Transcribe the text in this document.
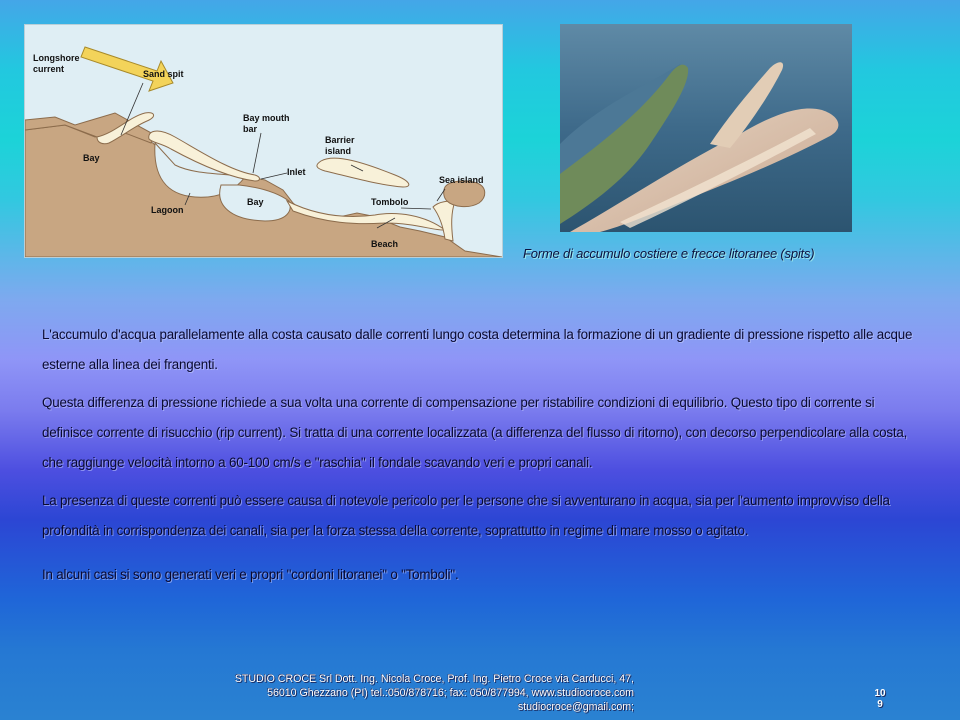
Longshore current	Sand spit
Bay
Bay mouth bar
Barrier island
Inlet
Lagoon
Bay
Sea island
Tombolo
Beach
Forme di accumulo costiere e frecce litoranee (spits)

L'accumulo d'acqua parallelamente alla costa causato dalle correnti lungo costa determina la formazione di un gradiente di pressione rispetto alle acque esterne alla linea dei frangenti.

Questa differenza di pressione richiede a sua volta una corrente di compensazione per ristabilire condizioni di equilibrio. Questo tipo di corrente si definisce corrente di risucchio (rip current). Si tratta di una corrente localizzata (a differenza del flusso di ritorno), con decorso perpendicolare alla costa, che raggiunge velocità intorno a 60-100 cm/s e "raschia" il fondale scavando veri e propri canali.

La presenza di queste correnti può essere causa di notevole pericolo per le persone che si avventurano in acqua, sia per l'aumento improvviso della profondità in corrispondenza dei canali, sia per la forza stessa della corrente, soprattutto in regime di mare mosso o agitato.

In alcuni casi si sono generati veri e propri "cordoni litoranei" o "Tomboli".

STUDIO CROCE Srl Dott. Ing. Nicola Croce, Prof. Ing. Pietro Croce via Carducci, 47,
56010 Ghezzano (PI) tel.:050/878716; fax: 050/877994, www.studiocroce.com
studiocroce@gmail.com;
10
9
